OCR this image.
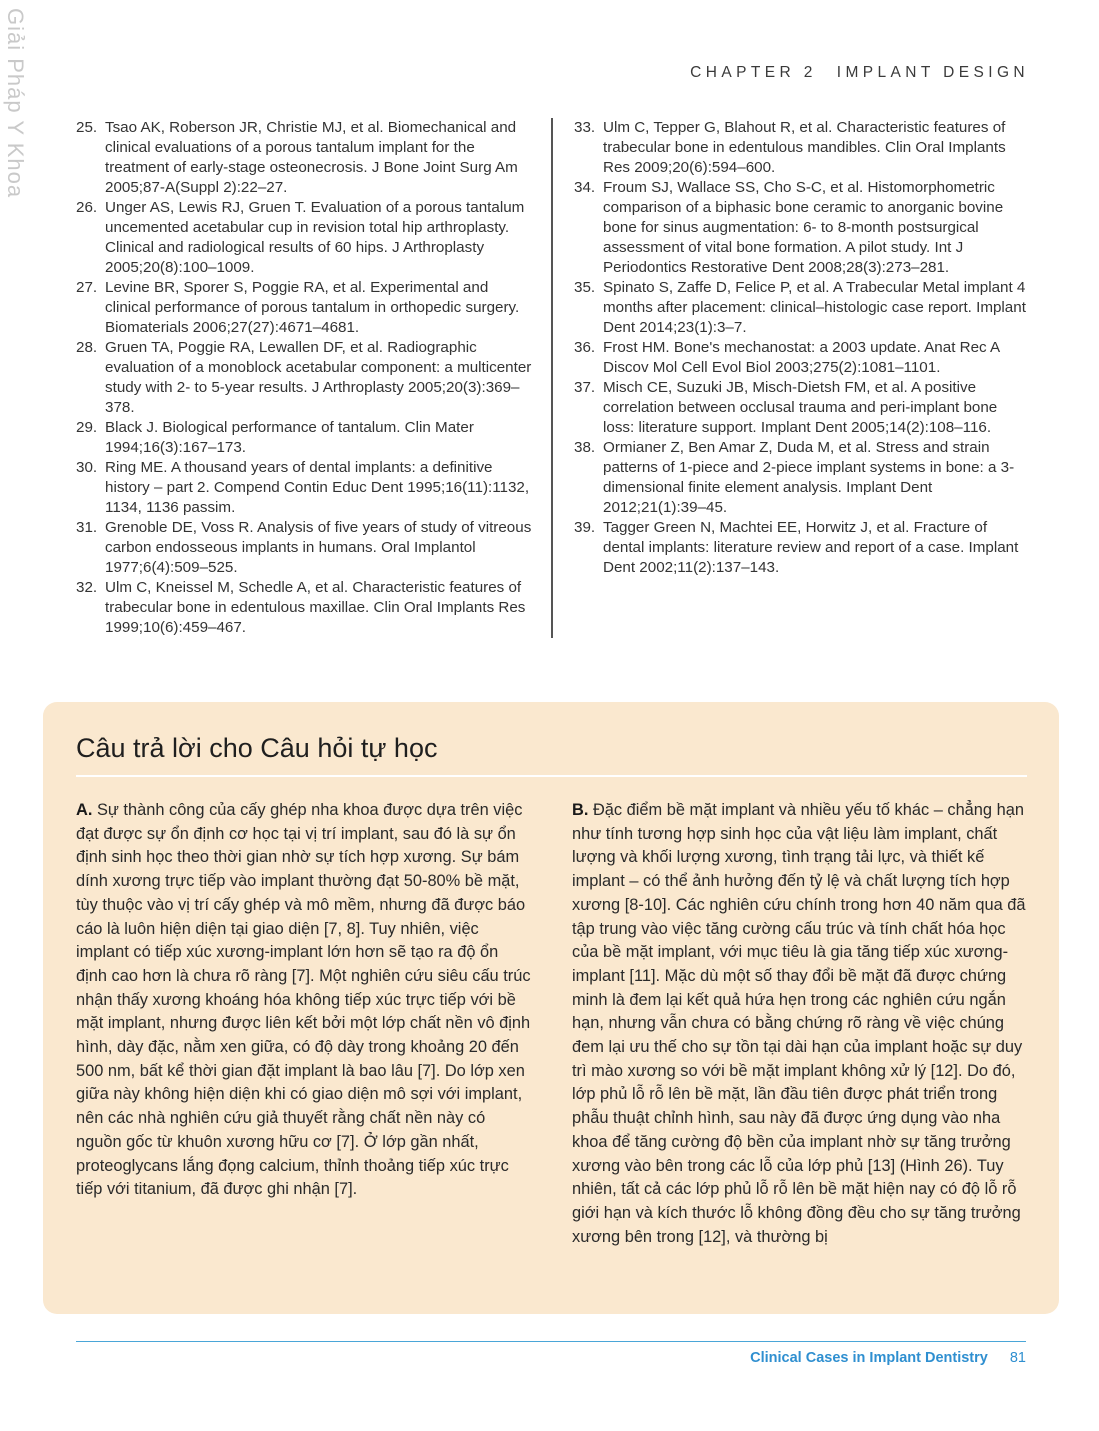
Giải Pháp Y Khoa	CHAPTER 2 IMPLANT DESIGN
25. Tsao AK, Roberson JR, Christie MJ, et al. Biomechanical and clinical evaluations of a porous tantalum implant for the treatment of early-stage osteonecrosis. J Bone Joint Surg Am 2005;87-A(Suppl 2):22–27.
26. Unger AS, Lewis RJ, Gruen T. Evaluation of a porous tantalum uncemented acetabular cup in revision total hip arthroplasty. Clinical and radiological results of 60 hips. J Arthroplasty 2005;20(8):100–1009.
27. Levine BR, Sporer S, Poggie RA, et al. Experimental and clinical performance of porous tantalum in orthopedic surgery. Biomaterials 2006;27(27):4671–4681.
28. Gruen TA, Poggie RA, Lewallen DF, et al. Radiographic evaluation of a monoblock acetabular component: a multicenter study with 2- to 5-year results. J Arthroplasty 2005;20(3):369–378.
29. Black J. Biological performance of tantalum. Clin Mater 1994;16(3):167–173.
30. Ring ME. A thousand years of dental implants: a definitive history – part 2. Compend Contin Educ Dent 1995;16(11):1132, 1134, 1136 passim.
31. Grenoble DE, Voss R. Analysis of five years of study of vitreous carbon endosseous implants in humans. Oral Implantol 1977;6(4):509–525.
32. Ulm C, Kneissel M, Schedle A, et al. Characteristic features of trabecular bone in edentulous maxillae. Clin Oral Implants Res 1999;10(6):459–467.
33. Ulm C, Tepper G, Blahout R, et al. Characteristic features of trabecular bone in edentulous mandibles. Clin Oral Implants Res 2009;20(6):594–600.
34. Froum SJ, Wallace SS, Cho S-C, et al. Histomorphometric comparison of a biphasic bone ceramic to anorganic bovine bone for sinus augmentation: 6- to 8-month postsurgical assessment of vital bone formation. A pilot study. Int J Periodontics Restorative Dent 2008;28(3):273–281.
35. Spinato S, Zaffe D, Felice P, et al. A Trabecular Metal implant 4 months after placement: clinical–histologic case report. Implant Dent 2014;23(1):3–7.
36. Frost HM. Bone's mechanostat: a 2003 update. Anat Rec A Discov Mol Cell Evol Biol 2003;275(2):1081–1101.
37. Misch CE, Suzuki JB, Misch-Dietsh FM, et al. A positive correlation between occlusal trauma and peri-implant bone loss: literature support. Implant Dent 2005;14(2):108–116.
38. Ormianer Z, Ben Amar Z, Duda M, et al. Stress and strain patterns of 1-piece and 2-piece implant systems in bone: a 3-dimensional finite element analysis. Implant Dent 2012;21(1):39–45.
39. Tagger Green N, Machtei EE, Horwitz J, et al. Fracture of dental implants: literature review and report of a case. Implant Dent 2002;11(2):137–143.
Câu trả lời cho Câu hỏi tự học

A. Sự thành công của cấy ghép nha khoa được dựa trên việc đạt được sự ổn định cơ học tại vị trí implant, sau đó là sự ổn định sinh học theo thời gian nhờ sự tích hợp xương. Sự bám dính xương trực tiếp vào implant thường đạt 50-80% bề mặt, tùy thuộc vào vị trí cấy ghép và mô mềm, nhưng đã được báo cáo là luôn hiện diện tại giao diện [7, 8]. Tuy nhiên, việc implant có tiếp xúc xương-implant lớn hơn sẽ tạo ra độ ổn định cao hơn là chưa rõ ràng [7]. Một nghiên cứu siêu cấu trúc nhận thấy xương khoáng hóa không tiếp xúc trực tiếp với bề mặt implant, nhưng được liên kết bởi một lớp chất nền vô định hình, dày đặc, nằm xen giữa, có độ dày trong khoảng 20 đến 500 nm, bất kể thời gian đặt implant là bao lâu [7]. Do lớp xen giữa này không hiện diện khi có giao diện mô sợi với implant, nên các nhà nghiên cứu giả thuyết rằng chất nền này có nguồn gốc từ khuôn xương hữu cơ [7]. Ở lớp gần nhất, proteoglycans lắng đọng calcium, thỉnh thoảng tiếp xúc trực tiếp với titanium, đã được ghi nhận [7].

B. Đặc điểm bề mặt implant và nhiều yếu tố khác – chẳng hạn như tính tương hợp sinh học của vật liệu làm implant, chất lượng và khối lượng xương, tình trạng tải lực, và thiết kế implant – có thể ảnh hưởng đến tỷ lệ và chất lượng tích hợp xương [8-10]. Các nghiên cứu chính trong hơn 40 năm qua đã tập trung vào việc tăng cường cấu trúc và tính chất hóa học của bề mặt implant, với mục tiêu là gia tăng tiếp xúc xương-implant [11]. Mặc dù một số thay đổi bề mặt đã được chứng minh là đem lại kết quả hứa hẹn trong các nghiên cứu ngắn hạn, nhưng vẫn chưa có bằng chứng rõ ràng về việc chúng đem lại ưu thế cho sự tồn tại dài hạn của implant hoặc sự duy trì mào xương so với bề mặt implant không xử lý [12]. Do đó, lớp phủ lỗ rỗ lên bề mặt, lần đầu tiên được phát triển trong phẫu thuật chỉnh hình, sau này đã được ứng dụng vào nha khoa để tăng cường độ bền của implant nhờ sự tăng trưởng xương vào bên trong các lỗ của lớp phủ [13] (Hình 26). Tuy nhiên, tất cả các lớp phủ lỗ rỗ lên bề mặt hiện nay có độ lỗ rỗ giới hạn và kích thước lỗ không đồng đều cho sự tăng trưởng xương bên trong [12], và thường bị

Clinical Cases in Implant Dentistry 81
